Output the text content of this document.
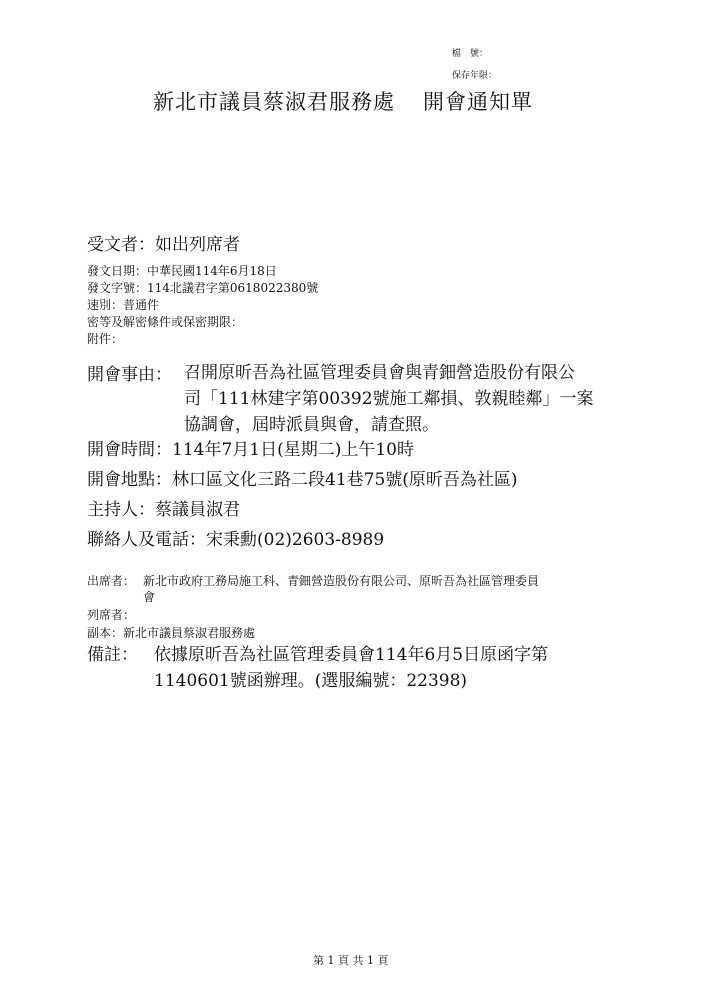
檔　號：
保存年限：
新北市議員蔡淑君服務處 開會通知單
受文者：如出列席者
發文日期：中華民國114年6月18日
發文字號：114北議君字第0618022380號
速別：普通件
密等及解密條件或保密期限：
附件：
開會事由： 召開原昕吾為社區管理委員會與青鈿營造股份有限公
司「111林建字第00392號施工鄰損、敦親睦鄰」一案
協調會，屆時派員與會，請查照。
開會時間：114年7月1日(星期二)上午10時
開會地點：林口區文化三路二段41巷75號(原昕吾為社區)
主持人：蔡議員淑君
聯絡人及電話：宋秉勳(02)2603-8989
出席者： 新北市政府工務局施工科、青鈿營造股份有限公司、原昕吾為社區管理委員
會
列席者：
副本：新北市議員蔡淑君服務處
備註： 依據原昕吾為社區管理委員會114年6月5日原函字第
1140601號函辦理。(選服編號：22398)
第 1 頁 共 1 頁
